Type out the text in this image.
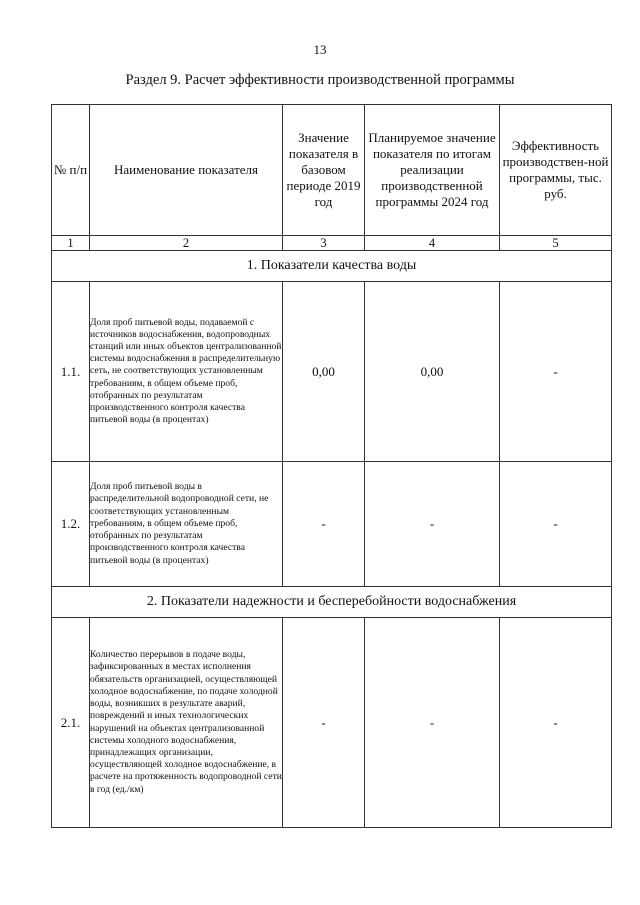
13
Раздел 9. Расчет эффективности производственной программы
№ п/п	Наименование показателя	Значение показателя в базовом периоде 2019 год	Планируемое значение показателя по итогам реализации производственной программы 2024 год	Эффективность производствен-ной программы, тыс. руб.
1	2	3	4	5
1. Показатели качества воды				
1.1.	Доля проб питьевой воды, подаваемой с источников водоснабжения, водопроводных станций или иных объектов централизованной системы водоснабжения в распределительную сеть, не соответствующих установленным требованиям, в общем объеме проб, отобранных по результатам производственного контроля качества питьевой воды (в процентах)	0,00	0,00	-
1.2.	Доля проб питьевой воды в распределительной водопроводной сети, не соответствующих установленным требованиям, в общем объеме проб, отобранных по результатам производственного контроля качества питьевой воды (в процентах)	-	-	-
2. Показатели надежности и бесперебойности водоснабжения				
2.1.	Количество перерывов в подаче воды, зафиксированных в местах исполнения обязательств организацией, осуществляющей холодное водоснабжение, по подаче холодной воды, возникших в результате аварий, повреждений и иных технологических нарушений на объектах централизованной системы холодного водоснабжения, принадлежащих организации, осуществляющей холодное водоснабжение, в расчете на протяженность водопроводной сети в год (ед./км)	-	-	-
